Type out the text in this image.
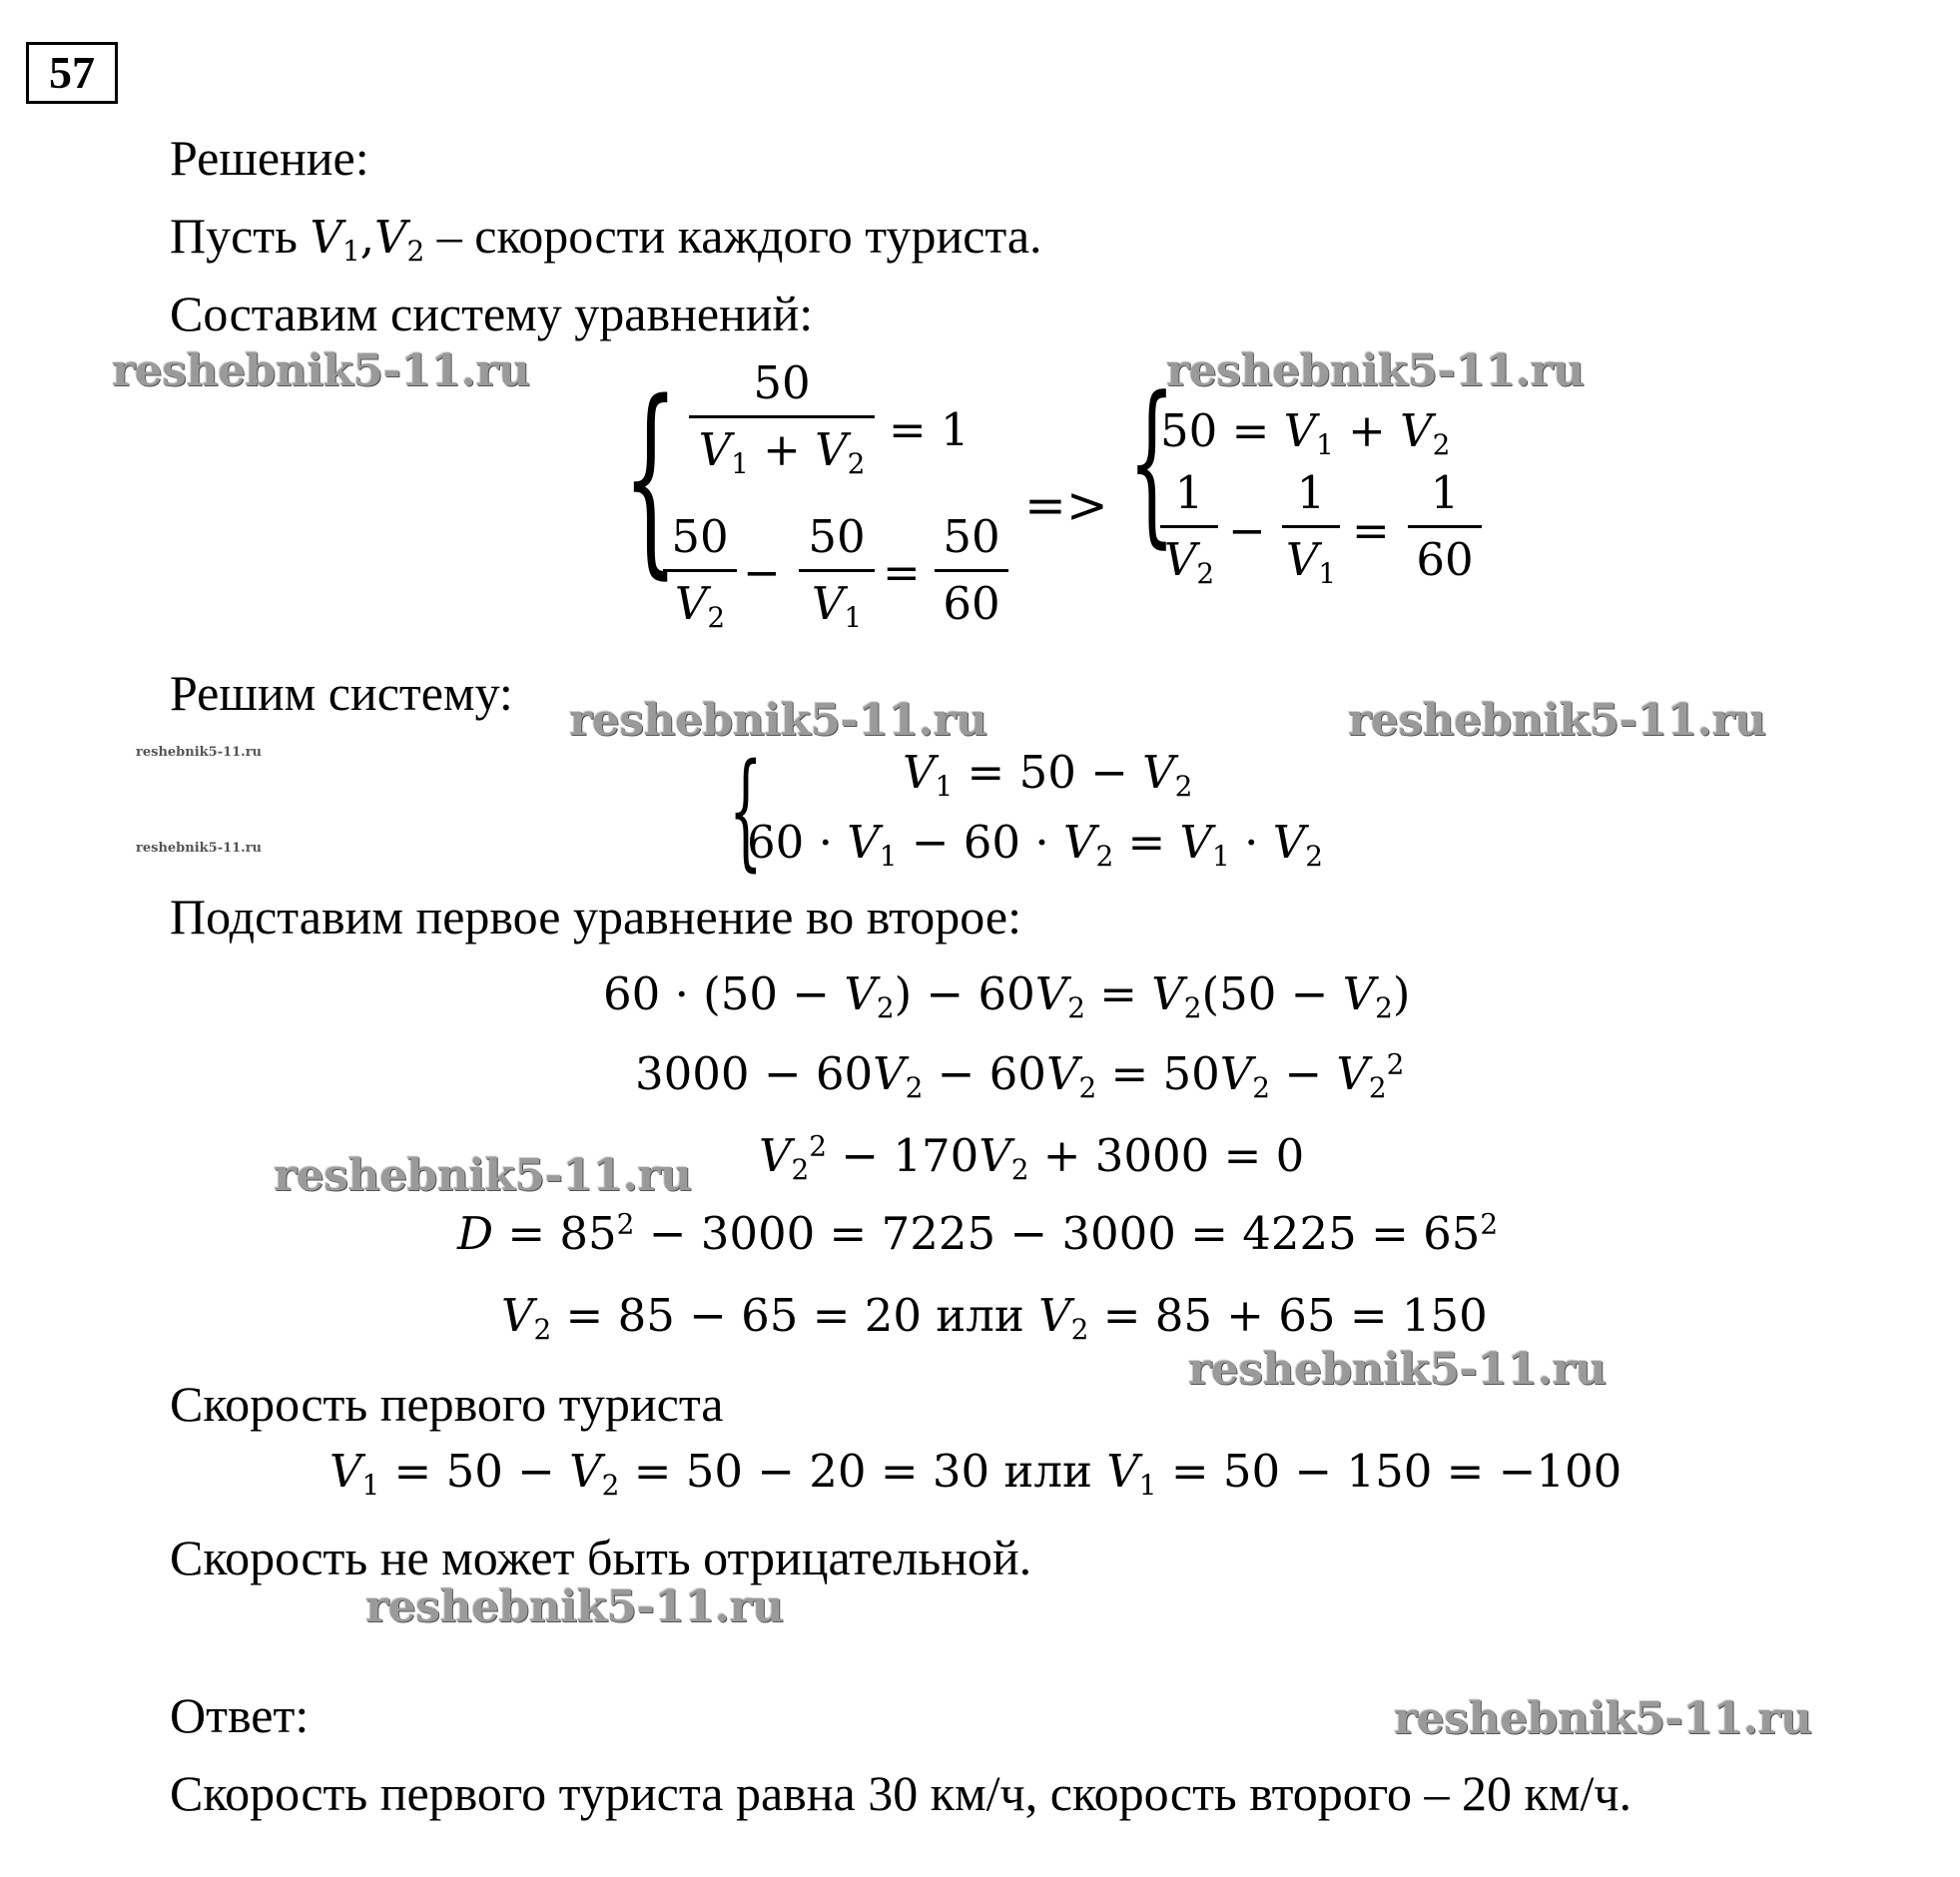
57
Решение:
Пусть $V_1,V_2$ – скорости каждого туриста.
Составим систему уравнений:
reshebnik5-11.ru	reshebnik5-11.ru
reshebnik5-11.ru	reshebnik5-11.ru
reshebnik5-11.ru
reshebnik5-11.ru
reshebnik5-11.ru
reshebnik5-11.ru
reshebnik5-11.ru
reshebnik5-11.ru
{	50
$V_1 + V_2$
= 1
50
$V_2$
−
50
$V_1$
=
50
60
=> {
$50 = V_1 + V_2$
1
$V_2$
−
1
$V_1$
=
1
60
Решим систему:
{	$V_1 = 50 - V_2$
$60 \cdot V_1 - 60 \cdot V_2 = V_1 \cdot V_2$
Подставим первое уравнение во второе:
$60 \cdot (50 - V_2) - 60V_2 = V_2(50 - V_2)$
$3000 - 60V_2 - 60V_2 = 50V_2 - V_2^2$
$V_2^2 - 170V_2 + 3000 = 0$
$D = 85^2 - 3000 = 7225 - 3000 = 4225 = 65^2$
$V_2 = 85 - 65 = 20$ или $V_2 = 85 + 65 = 150$
Скорость первого туриста
$V_1 = 50 - V_2 = 50 - 20 = 30$ или $V_1 = 50 - 150 = -100$
Скорость не может быть отрицательной.
Ответ:
Скорость первого туриста равна 30 км/ч, скорость второго – 20 км/ч.
